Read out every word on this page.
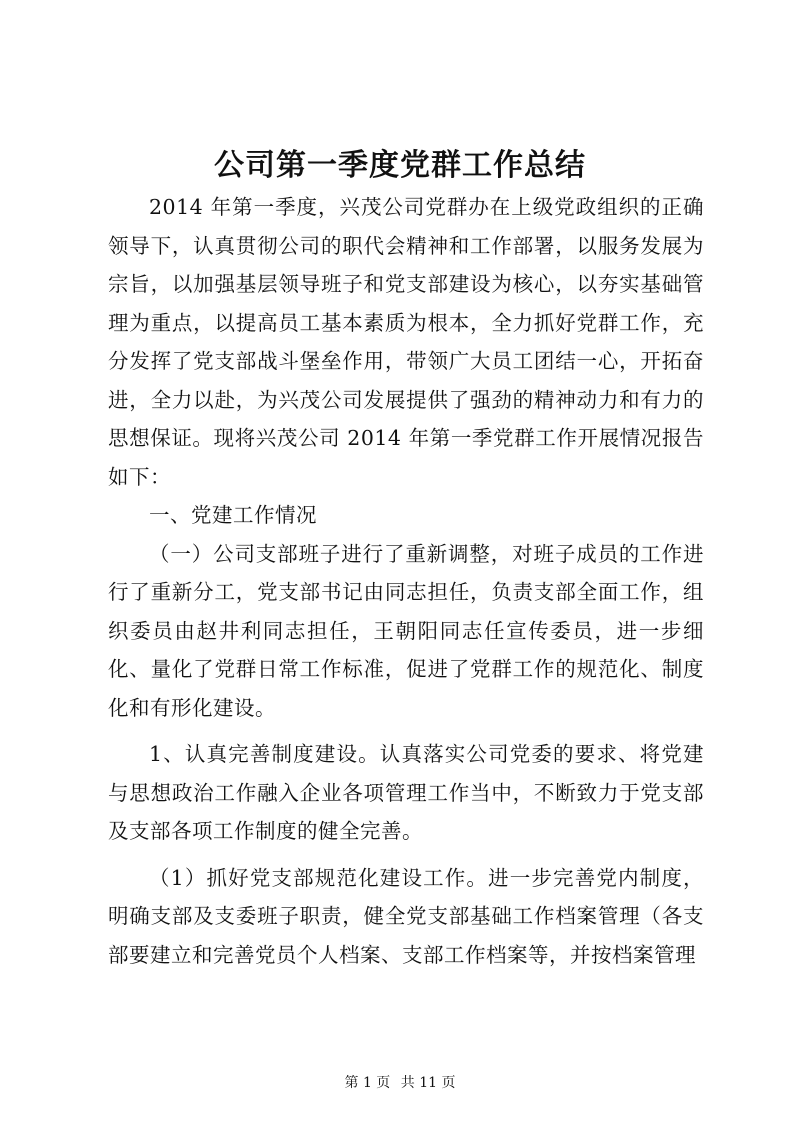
公司第一季度党群工作总结

2014 年第一季度，兴茂公司党群办在上级党政组织的正确领导下，认真贯彻公司的职代会精神和工作部署，以服务发展为宗旨，以加强基层领导班子和党支部建设为核心，以夯实基础管理为重点，以提高员工基本素质为根本，全力抓好党群工作，充分发挥了党支部战斗堡垒作用，带领广大员工团结一心，开拓奋进，全力以赴，为兴茂公司发展提供了强劲的精神动力和有力的思想保证。现将兴茂公司 2014 年第一季党群工作开展情况报告如下：

一、党建工作情况

（一）公司支部班子进行了重新调整，对班子成员的工作进行了重新分工，党支部书记由同志担任，负责支部全面工作，组织委员由赵井利同志担任，王朝阳同志任宣传委员，进一步细化、量化了党群日常工作标准，促进了党群工作的规范化、制度化和有形化建设。

1、认真完善制度建设。认真落实公司党委的要求、将党建与思想政治工作融入企业各项管理工作当中，不断致力于党支部及支部各项工作制度的健全完善。

（1）抓好党支部规范化建设工作。进一步完善党内制度，明确支部及支委班子职责，健全党支部基础工作档案管理（各支部要建立和完善党员个人档案、支部工作档案等，并按档案管理

第 1 页 共 11 页
